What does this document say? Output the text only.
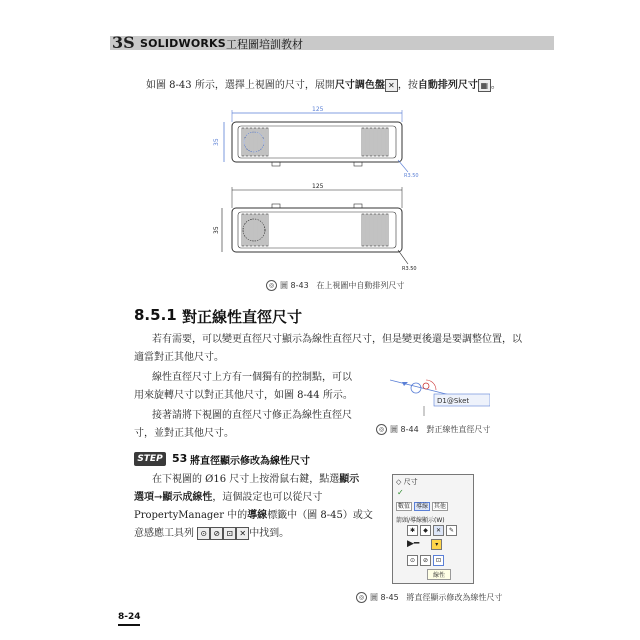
3S SOLIDWORKS 工程圖培訓教材

如圖 8-43 所示，選擇上視圖的尺寸，展開尺寸調色盤 ✕ ，按自動排列尺寸 ▦ 。

125
35
R3.50
125
35
R3.50
◎ 圖 8-43 在上視圖中自動排列尺寸
8.5.1 對正線性直徑尺寸

若有需要，可以變更直徑尺寸顯示為線性直徑尺寸，但是變更後還是要調整位置，以

適當對正其他尺寸。

線性直徑尺寸上方有一個獨有的控制點，可以

用來旋轉尺寸以對正其他尺寸，如圖 8-44 所示。

接著請將下視圖的直徑尺寸修正為線性直徑尺

寸，並對正其他尺寸。

D1@Sket
◎ 圖 8-44 對正線性直徑尺寸
STEP 53 將直徑顯示修改為線性尺寸

在下視圖的 Ø16 尺寸上按滑鼠右鍵，點選顯示

選項→顯示成線性，這個設定也可以從尺寸

PropertyManager 中的導線標籤中（圖 8-45）或文

意感應工具列 ⊙ ⊘ ⊡ ✕ 中找到。

◇ 尺寸
✓
數值 導線 其他
箭頭/導線顯示(W)
✱ ◆ ✕ ✎
▶━	▾
⊙ ⊘ ⊡
線性
◎ 圖 8-45 將直徑顯示修改為線性尺寸
8-24
